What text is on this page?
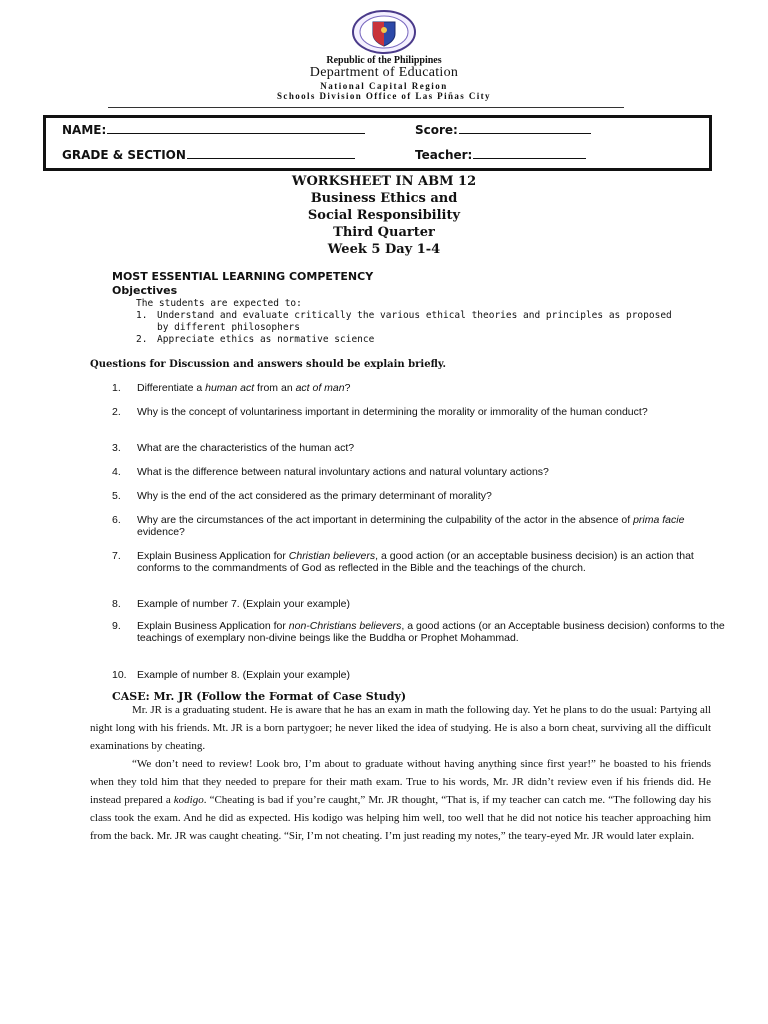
Republic of the Philippines
Department of Education
National Capital Region
Schools Division Office of Las Piñas City
NAME:	Score:
GRADE & SECTION	Teacher:
WORKSHEET IN ABM 12
Business Ethics and
Social Responsibility
Third Quarter
Week 5 Day 1-4
MOST ESSENTIAL LEARNING COMPETENCY
Objectives
The students are expected to:
1. Understand and evaluate critically the various ethical theories and principles as proposed
by different philosophers
2. Appreciate ethics as normative science
Questions for Discussion and answers should be explain briefly.
1. Differentiate a human act from an act of man?
2. Why is the concept of voluntariness important in determining the morality or immorality of the human conduct?
3. What are the characteristics of the human act?
4. What is the difference between natural involuntary actions and natural voluntary actions?
5. Why is the end of the act considered as the primary determinant of morality?
6. Why are the circumstances of the act important in determining the culpability of the actor in the absence of prima facie evidence?
7. Explain Business Application for Christian believers, a good action (or an acceptable business decision) is an action that conforms to the commandments of God as reflected in the Bible and the teachings of the church.
8. Example of number 7. (Explain your example)
9. Explain Business Application for non-Christians believers, a good actions (or an Acceptable business decision) conforms to the teachings of exemplary non-divine beings like the Buddha or Prophet Mohammad.
10. Example of number 8. (Explain your example)
CASE: Mr. JR (Follow the Format of Case Study)

Mr. JR is a graduating student. He is aware that he has an exam in math the following day. Yet he plans to do the usual: Partying all night long with his friends. Mt. JR is a born partygoer; he never liked the idea of studying. He is also a born cheat, surviving all the difficult examinations by cheating.

“We don’t need to review! Look bro, I’m about to graduate without having anything since first year!” he boasted to his friends when they told him that they needed to prepare for their math exam. True to his words, Mr. JR didn’t review even if his friends did. He instead prepared a kodigo. “Cheating is bad if you’re caught,” Mr. JR thought, “That is, if my teacher can catch me. “The following day his class took the exam. And he did as expected. His kodigo was helping him well, too well that he did not notice his teacher approaching him from the back. Mr. JR was caught cheating. “Sir, I’m not cheating. I’m just reading my notes,” the teary-eyed Mr. JR would later explain.
